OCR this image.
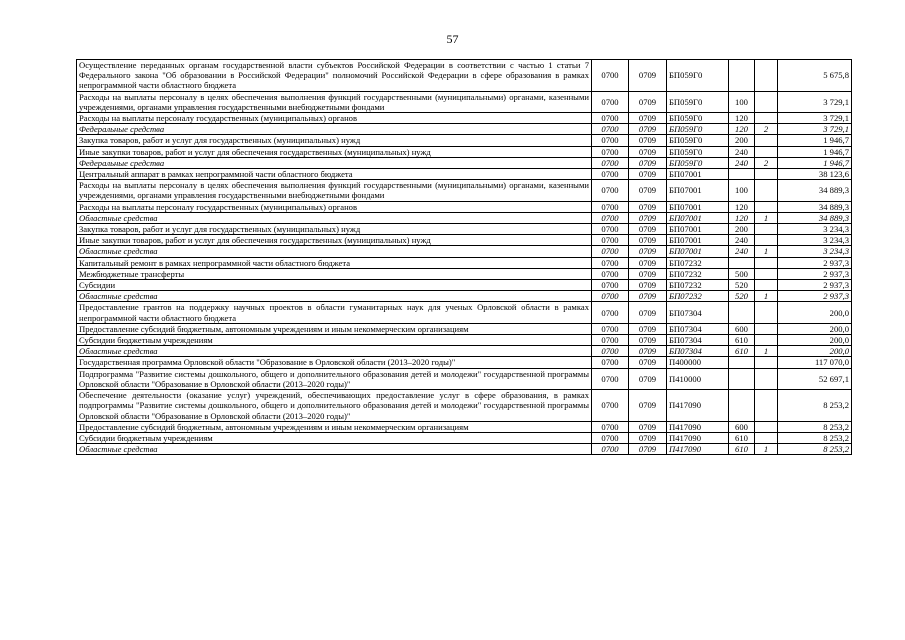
57
Осуществление переданных органам государственной власти субъектов Российской Федерации в соответствии с частью 1 статьи 7 Федерального закона "Об образовании в Российской Федерации" полномочий Российской Федерации в сфере образования в рамках непрограммной части областного бюджета	0700	0709	БП059Г0			5 675,8
Расходы на выплаты персоналу в целях обеспечения выполнения функций государственными (муниципальными) органами, казенными учреждениями, органами управления государственными внебюджетными фондами	0700	0709	БП059Г0	100		3 729,1
Расходы на выплаты персоналу государственных (муниципальных) органов	0700	0709	БП059Г0	120		3 729,1
Федеральные средства	0700	0709	БП059Г0	120	2	3 729,1
Закупка товаров, работ и услуг для государственных (муниципальных) нужд	0700	0709	БП059Г0	200		1 946,7
Иные закупки товаров, работ и услуг для обеспечения государственных (муниципальных) нужд	0700	0709	БП059Г0	240		1 946,7
Федеральные средства	0700	0709	БП059Г0	240	2	1 946,7
Центральный аппарат в рамках непрограммной части областного бюджета	0700	0709	БП07001			38 123,6
Расходы на выплаты персоналу в целях обеспечения выполнения функций государственными (муниципальными) органами, казенными учреждениями, органами управления государственными внебюджетными фондами	0700	0709	БП07001	100		34 889,3
Расходы на выплаты персоналу государственных (муниципальных) органов	0700	0709	БП07001	120		34 889,3
Областные средства	0700	0709	БП07001	120	1	34 889,3
Закупка товаров, работ и услуг для государственных (муниципальных) нужд	0700	0709	БП07001	200		3 234,3
Иные закупки товаров, работ и услуг для обеспечения государственных (муниципальных) нужд	0700	0709	БП07001	240		3 234,3
Областные средства	0700	0709	БП07001	240	1	3 234,3
Капитальный ремонт в рамках непрограммной части областного бюджета	0700	0709	БП07232			2 937,3
Межбюджетные трансферты	0700	0709	БП07232	500		2 937,3
Субсидии	0700	0709	БП07232	520		2 937,3
Областные средства	0700	0709	БП07232	520	1	2 937,3
Предоставление грантов на поддержку научных проектов в области гуманитарных наук для ученых Орловской области в рамках непрограммной части областного бюджета	0700	0709	БП07304			200,0
Предоставление субсидий бюджетным, автономным учреждениям и иным некоммерческим организациям	0700	0709	БП07304	600		200,0
Субсидии бюджетным учреждениям	0700	0709	БП07304	610		200,0
Областные средства	0700	0709	БП07304	610	1	200,0
Государственная программа Орловской области "Образование в Орловской области (2013–2020 годы)"	0700	0709	П400000			117 070,0
Подпрограмма "Развитие системы дошкольного, общего и дополнительного образования детей и молодежи" государственной программы Орловской области "Образование в Орловской области (2013–2020 годы)"	0700	0709	П410000			52 697,1
Обеспечение деятельности (оказание услуг) учреждений, обеспечивающих предоставление услуг в сфере образования, в рамках подпрограммы "Развитие системы дошкольного, общего и дополнительного образования детей и молодежи" государственной программы Орловской области "Образование в Орловской области (2013–2020 годы)"	0700	0709	П417090			8 253,2
Предоставление субсидий бюджетным, автономным учреждениям и иным некоммерческим организациям	0700	0709	П417090	600		8 253,2
Субсидии бюджетным учреждениям	0700	0709	П417090	610		8 253,2
Областные средства	0700	0709	П417090	610	1	8 253,2
